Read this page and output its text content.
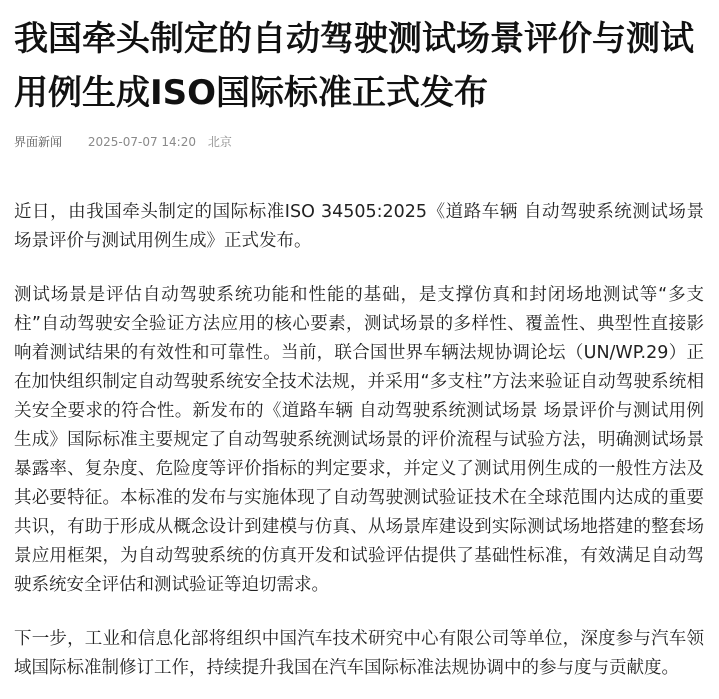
我国牵头制定的自动驾驶测试场景评价与测试用例生成ISO国际标准正式发布
界面新闻 2025-07-07 14:20 北京

近日，由我国牵头制定的国际标准ISO 34505:2025《道路车辆 自动驾驶系统测试场景 场景评价与测试用例生成》正式发布。

测试场景是评估自动驾驶系统功能和性能的基础，是支撑仿真和封闭场地测试等“多支柱”自动驾驶安全验证方法应用的核心要素，测试场景的多样性、覆盖性、典型性直接影响着测试结果的有效性和可靠性。当前，联合国世界车辆法规协调论坛（UN/WP.29）正在加快组织制定自动驾驶系统安全技术法规，并采用“多支柱”方法来验证自动驾驶系统相关安全要求的符合性。新发布的《道路车辆 自动驾驶系统测试场景 场景评价与测试用例生成》国际标准主要规定了自动驾驶系统测试场景的评价流程与试验方法，明确测试场景暴露率、复杂度、危险度等评价指标的判定要求，并定义了测试用例生成的一般性方法及其必要特征。本标准的发布与实施体现了自动驾驶测试验证技术在全球范围内达成的重要共识，有助于形成从概念设计到建模与仿真、从场景库建设到实际测试场地搭建的整套场景应用框架，为自动驾驶系统的仿真开发和试验评估提供了基础性标准，有效满足自动驾驶系统安全评估和测试验证等迫切需求。

下一步，工业和信息化部将组织中国汽车技术研究中心有限公司等单位，深度参与汽车领域国际标准制修订工作，持续提升我国在汽车国际标准法规协调中的参与度与贡献度。
